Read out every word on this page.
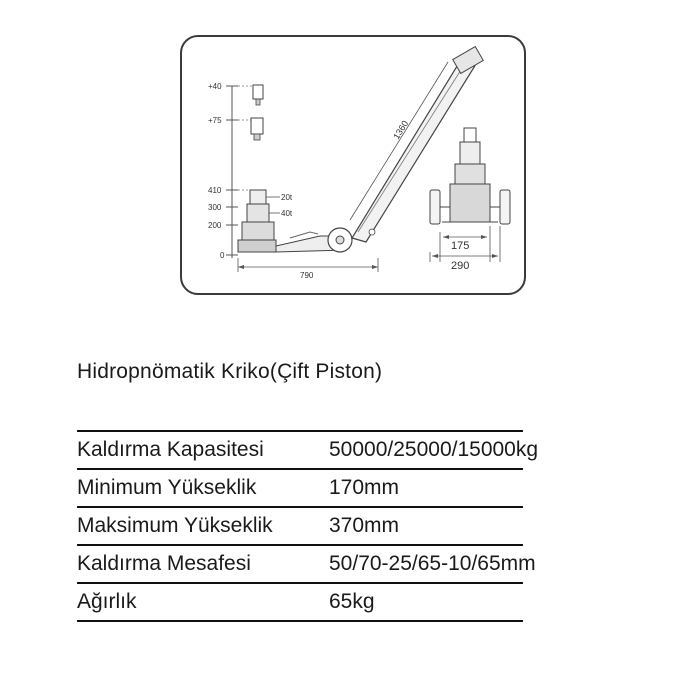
+40
+75
410
300
200
0
20t
40t
1360
790
175
290
Hidropnömatik Kriko(Çift Piston)
Kaldırma Kapasitesi	50000/25000/15000kg
Minimum Yükseklik	170mm
Maksimum Yükseklik	370mm
Kaldırma Mesafesi	50/70-25/65-10/65mm
Ağırlık	65kg
